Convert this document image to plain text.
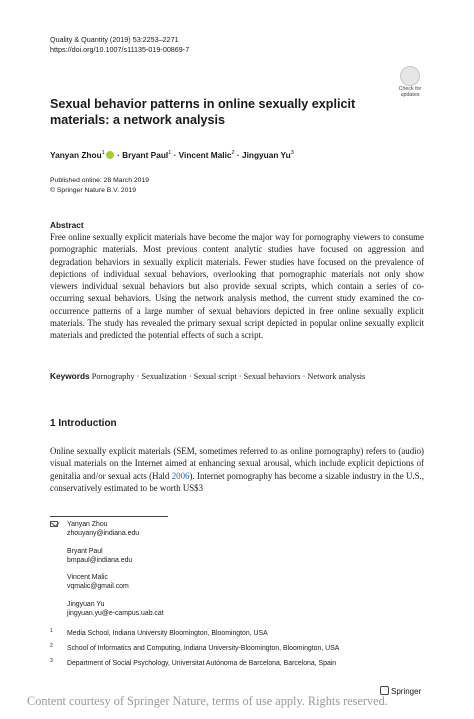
Quality & Quantity (2019) 53:2253–2271
https://doi.org/10.1007/s11135-019-00869-7
Check for
updates
Sexual behavior patterns in online sexually explicit materials: a network analysis
Yanyan Zhou$^1$ · Bryant Paul$^1$ · Vincent Malic$^2$ · Jingyuan Yu$^3$
Published online: 28 March 2019
© Springer Nature B.V. 2019
Abstract
Free online sexually explicit materials have become the major way for pornography viewers to consume pornographic materials. Most previous content analytic studies have focused on aggression and degradation behaviors in sexually explicit materials. Fewer studies have focused on the prevalence of depictions of individual sexual behaviors, overlooking that pornographic materials not only show viewers individual sexual behaviors but also provide sexual scripts, which contain a series of co-occurring sexual behaviors. Using the network analysis method, the current study examined the co-occurrence patterns of a large number of sexual behaviors depicted in free online sexually explicit materials. The study has revealed the primary sexual script depicted in popular online sexually explicit materials and predicted the potential effects of such a script.
Keywords Pornography · Sexualization · Sexual script · Sexual behaviors · Network analysis
1 Introduction
Online sexually explicit materials (SEM, sometimes referred to as online pornography) refers to (audio) visual materials on the Internet aimed at enhancing sexual arousal, which include explicit depictions of genitalia and/or sexual acts (Hald 2006). Internet pornography has become a sizable industry in the U.S., conservatively estimated to be worth US$3
Yanyan Zhou
zhouyany@indiana.edu
Bryant Paul
bmpaul@indiana.edu
Vincent Malic
vqmalic@gmail.com
Jingyuan Yu
jingyuan.yu@e-campus.uab.cat
1 Media School, Indiana University Bloomington, Bloomington, USA
2 School of Informatics and Computing, Indiana University-Bloomington, Bloomington, USA
3 Department of Social Psychology, Universitat Autónoma de Barcelona, Barcelona, Spain
Springer
Content courtesy of Springer Nature, terms of use apply. Rights reserved.
